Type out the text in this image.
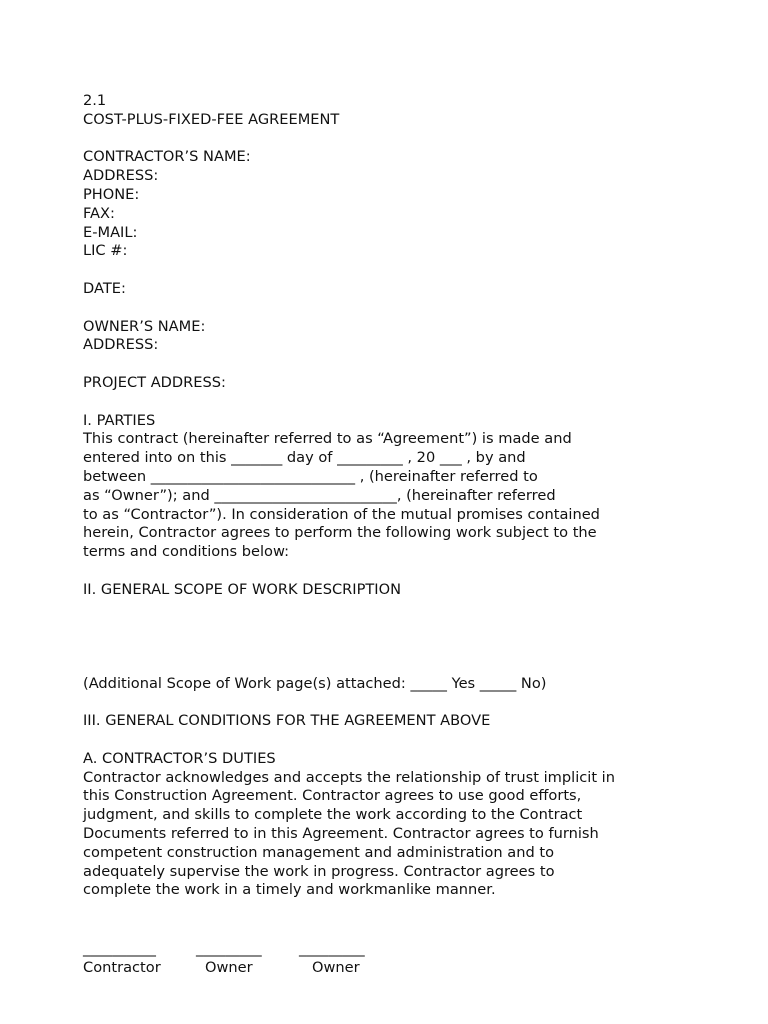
2.1
COST-PLUS-FIXED-FEE AGREEMENT
CONTRACTOR’S NAME:
ADDRESS:
PHONE:
FAX:
E-MAIL:
LIC #:
DATE:
OWNER’S NAME:
ADDRESS:
PROJECT ADDRESS:
I. PARTIES
This contract (hereinafter referred to as “Agreement”) is made and
entered into on this _______ day of _________ , 20 ___ , by and
between ____________________________ , (hereinafter referred to
as “Owner”); and _________________________, (hereinafter referred
to as “Contractor”). In consideration of the mutual promises contained
herein, Contractor agrees to perform the following work subject to the
terms and conditions below:
II. GENERAL SCOPE OF WORK DESCRIPTION
(Additional Scope of Work page(s) attached: _____ Yes _____ No)
III. GENERAL CONDITIONS FOR THE AGREEMENT ABOVE
A. CONTRACTOR’S DUTIES
Contractor acknowledges and accepts the relationship of trust implicit in
this Construction Agreement. Contractor agrees to use good efforts,
judgment, and skills to complete the work according to the Contract
Documents referred to in this Agreement. Contractor agrees to furnish
competent construction management and administration and to
adequately supervise the work in progress. Contractor agrees to
complete the work in a timely and workmanlike manner.
__________
Contractor
_________
Owner
_________
Owner
